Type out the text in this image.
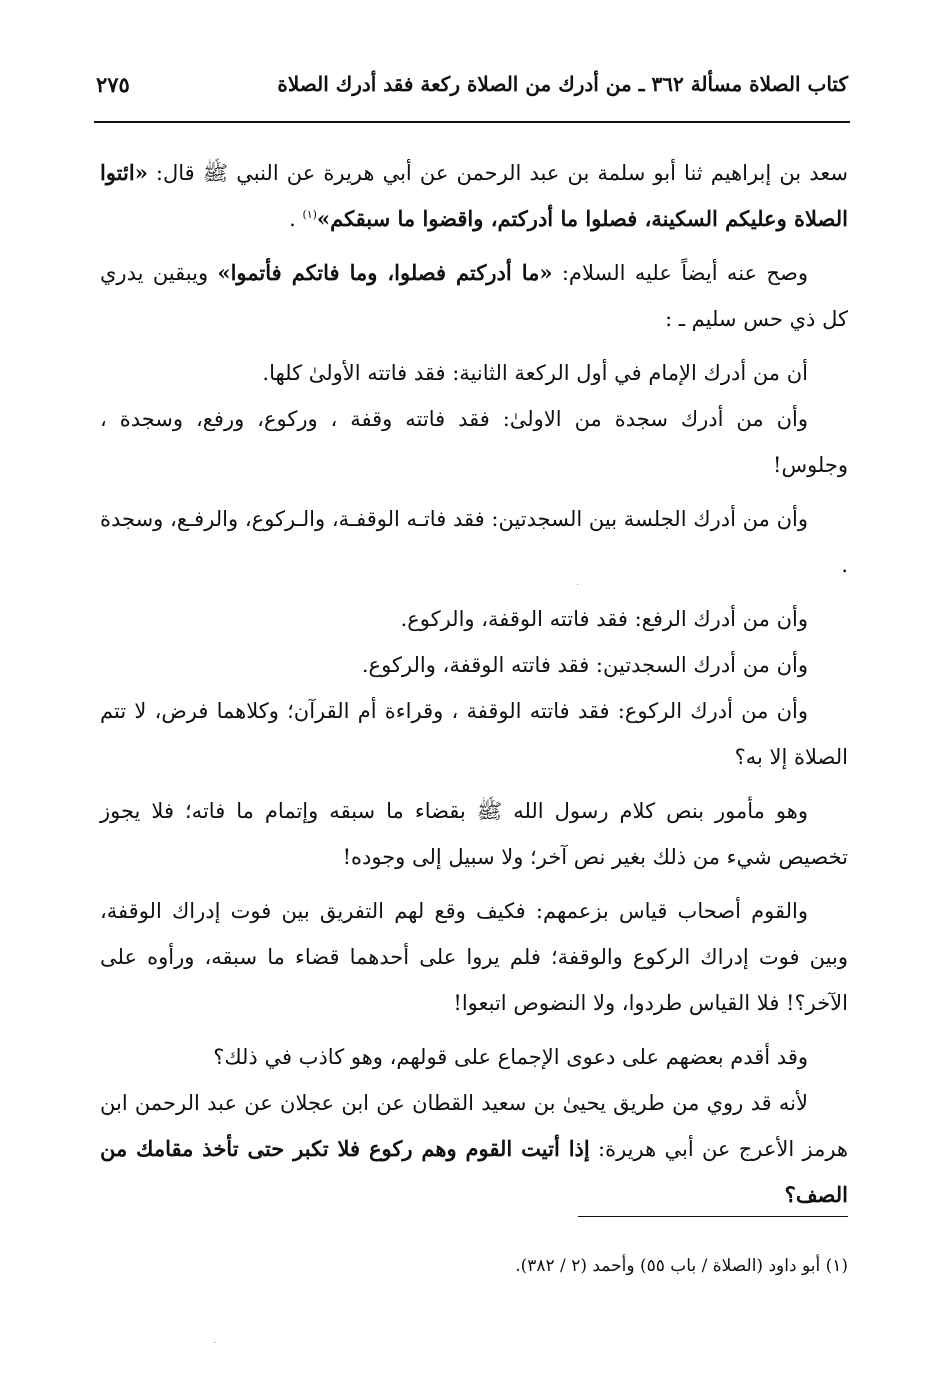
كتاب الصلاة مسألة ٣٦٢ ـ من أدرك من الصلاة ركعة فقد أدرك الصلاة
٢٧٥

سعد بن إبراهيم ثنا أبو سلمة بن عبد الرحمن عن أبي هريرة عن النبي ﷺ قال: «ائتوا الصلاة وعليكم السكينة، فصلوا ما أدركتم، واقضوا ما سبقكم»$^{(١)}$ .

وصح عنه أيضاً عليه السلام: «ما أدركتم فصلوا، وما فاتكم فأتموا» ويبقين يدري كل ذي حس سليم ـ :

أن من أدرك الإمام في أول الركعة الثانية: فقد فاتته الأولىٰ كلها.

وأن من أدرك سجدة من الاولىٰ: فقد فاتته وقفة ، وركوع، ورفع، وسجدة ، وجلوس!

وأن من أدرك الجلسة بين السجدتين: فقد فاتـه الوقفـة، والـركوع، والرفـع، وسجدة .

وأن من أدرك الرفع: فقد فاتته الوقفة، والركوع.

وأن من أدرك السجدتين: فقد فاتته الوقفة، والركوع.

وأن من أدرك الركوع: فقد فاتته الوقفة ، وقراءة أم القرآن؛ وكلاهما فرض، لا تتم الصلاة إلا به؟

وهو مأمور بنص كلام رسول الله ﷺ بقضاء ما سبقه وإتمام ما فاته؛ فلا يجوز تخصيص شيء من ذلك بغير نص آخر؛ ولا سبيل إلى وجوده!

والقوم أصحاب قياس بزعمهم: فكيف وقع لهم التفريق بين فوت إدراك الوقفة، وبين فوت إدراك الركوع والوقفة؛ فلم يروا على أحدهما قضاء ما سبقه، ورأوه على الآخر؟! فلا القياس طردوا، ولا النضوص اتبعوا!

وقد أقدم بعضهم على دعوى الإجماع على قولهم، وهو كاذب في ذلك؟

لأنه قد روي من طريق يحيىٰ بن سعيد القطان عن ابن عجلان عن عبد الرحمن ابن هرمز الأعرج عن أبي هريرة: إذا أتيت القوم وهم ركوع فلا تكبر حتى تأخذ مقامك من الصف؟

(١) أبو داود (الصلاة / باب ٥٥) وأحمد (٢ / ٣٨٢).
·
·
